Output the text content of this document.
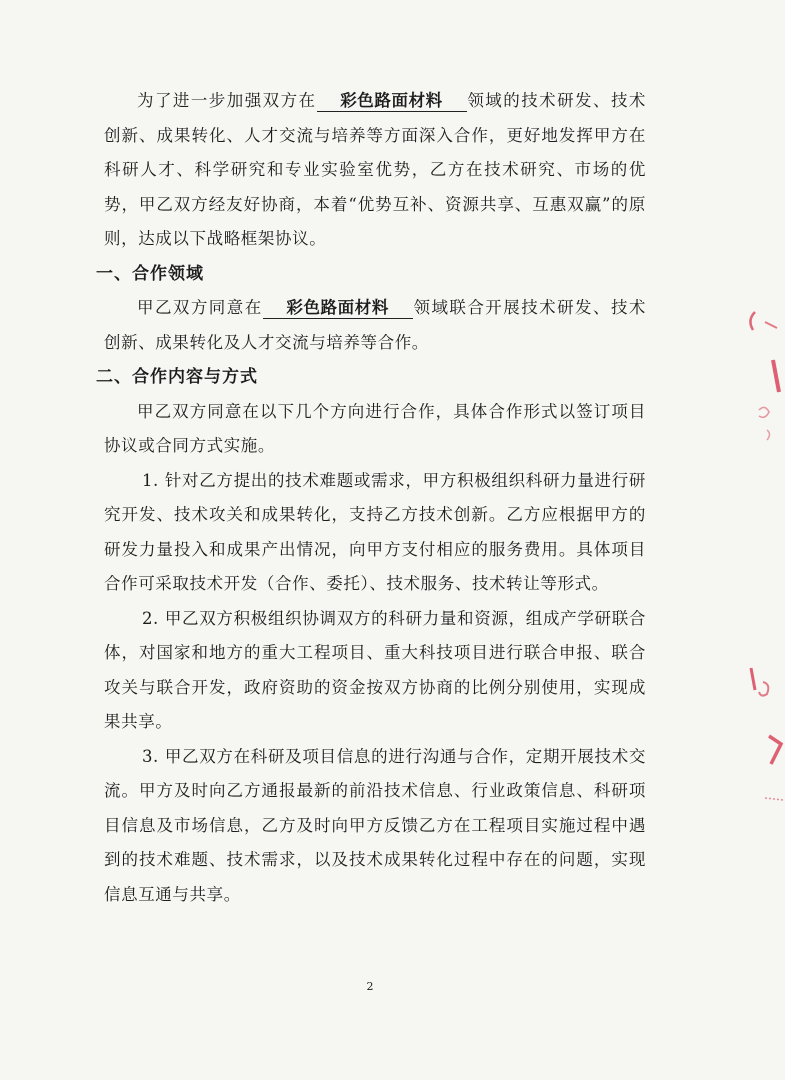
为了进一步加强双方在 彩色路面材料 领域的技术研发、技术创新、成果转化、人才交流与培养等方面深入合作，更好地发挥甲方在科研人才、科学研究和专业实验室优势，乙方在技术研究、市场的优势，甲乙双方经友好协商，本着“优势互补、资源共享、互惠双赢”的原则，达成以下战略框架协议。

一、合作领域

甲乙双方同意在 彩色路面材料 领域联合开展技术研发、技术创新、成果转化及人才交流与培养等合作。

二、合作内容与方式

甲乙双方同意在以下几个方向进行合作，具体合作形式以签订项目协议或合同方式实施。

1. 针对乙方提出的技术难题或需求，甲方积极组织科研力量进行研究开发、技术攻关和成果转化，支持乙方技术创新。乙方应根据甲方的研发力量投入和成果产出情况，向甲方支付相应的服务费用。具体项目合作可采取技术开发（合作、委托）、技术服务、技术转让等形式。

2. 甲乙双方积极组织协调双方的科研力量和资源，组成产学研联合体，对国家和地方的重大工程项目、重大科技项目进行联合申报、联合攻关与联合开发，政府资助的资金按双方协商的比例分别使用，实现成果共享。

3. 甲乙双方在科研及项目信息的进行沟通与合作，定期开展技术交流。甲方及时向乙方通报最新的前沿技术信息、行业政策信息、科研项目信息及市场信息，乙方及时向甲方反馈乙方在工程项目实施过程中遇到的技术难题、技术需求，以及技术成果转化过程中存在的问题，实现信息互通与共享。

2
